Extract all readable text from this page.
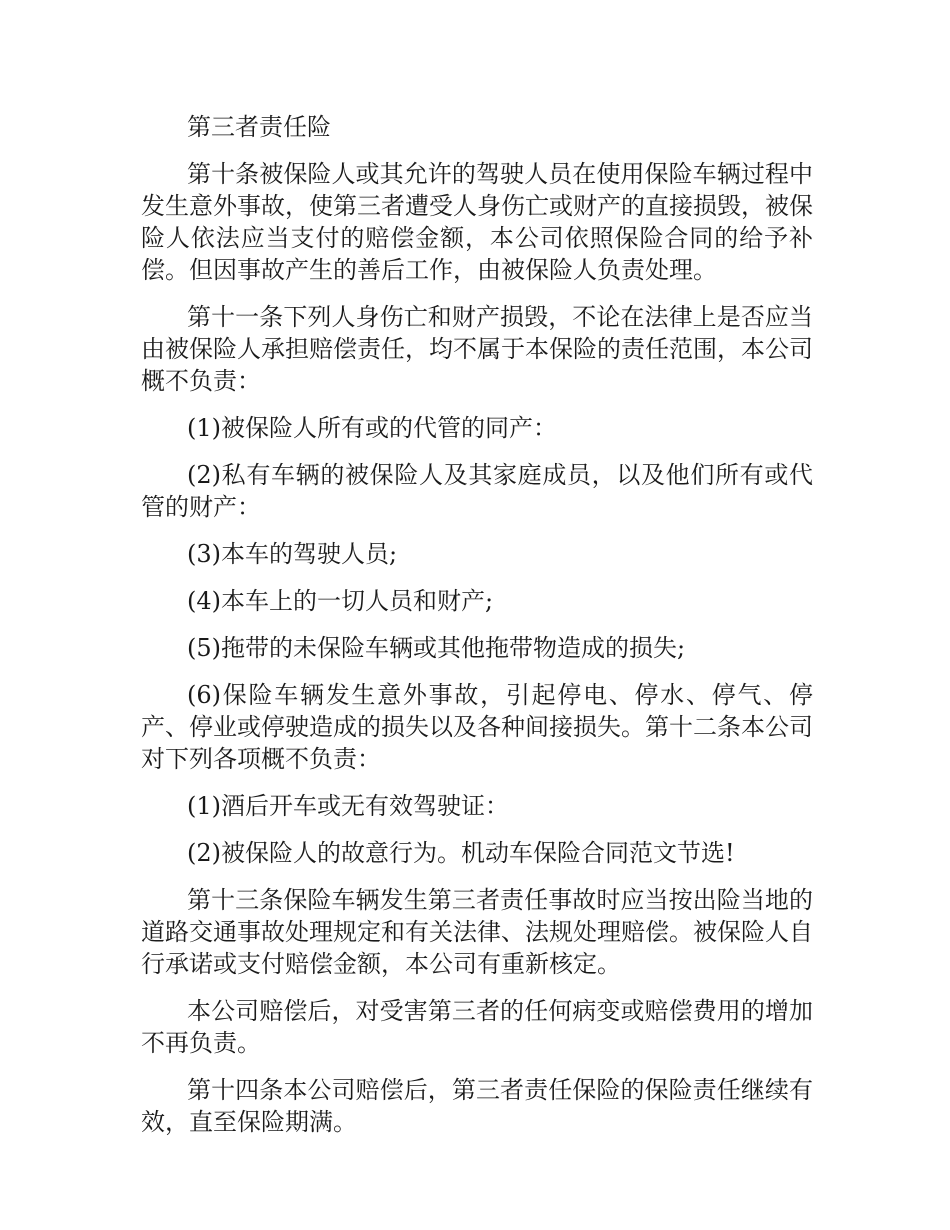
第三者责任险

第十条被保险人或其允许的驾驶人员在使用保险车辆过程中发生意外事故，使第三者遭受人身伤亡或财产的直接损毁，被保险人依法应当支付的赔偿金额，本公司依照保险合同的给予补偿。但因事故产生的善后工作，由被保险人负责处理。

第十一条下列人身伤亡和财产损毁，不论在法律上是否应当由被保险人承担赔偿责任，均不属于本保险的责任范围，本公司概不负责：

(1)被保险人所有或的代管的同产：

(2)私有车辆的被保险人及其家庭成员，以及他们所有或代管的财产：

(3)本车的驾驶人员;

(4)本车上的一切人员和财产;

(5)拖带的未保险车辆或其他拖带物造成的损失;

(6)保险车辆发生意外事故，引起停电、停水、停气、停产、停业或停驶造成的损失以及各种间接损失。第十二条本公司对下列各项概不负责：

(1)酒后开车或无有效驾驶证：

(2)被保险人的故意行为。机动车保险合同范文节选!

第十三条保险车辆发生第三者责任事故时应当按出险当地的道路交通事故处理规定和有关法律、法规处理赔偿。被保险人自行承诺或支付赔偿金额，本公司有重新核定。

本公司赔偿后，对受害第三者的任何病变或赔偿费用的增加不再负责。

第十四条本公司赔偿后，第三者责任保险的保险责任继续有效，直至保险期满。
